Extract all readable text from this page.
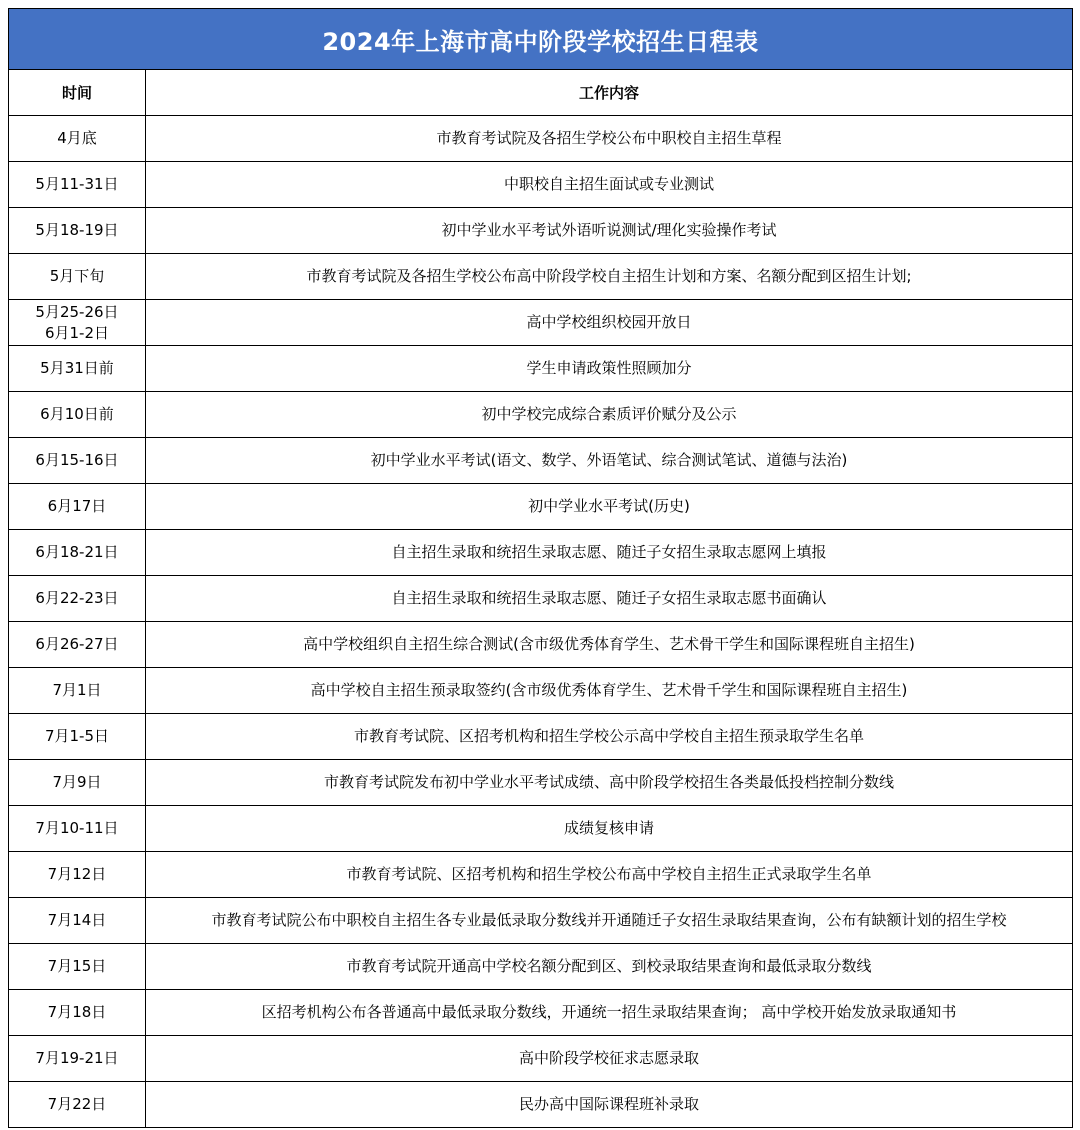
2024年上海市高中阶段学校招生日程表	
时间	工作内容

4月底	市教育考试院及各招生学校公布中职校自主招生草程

5月11-31日	中职校自主招生面试或专业测试

5月18-19日	初中学业水平考试外语听说测试/理化实验操作考试

5月下旬	市教育考试院及各招生学校公布高中阶段学校自主招生计划和方案、名额分配到区招生计划;

5月25-26日
6月1-2日	高中学校组织校园开放日

5月31日前	学生申请政策性照顾加分

6月10日前	初中学校完成综合素质评价赋分及公示

6月15-16日	初中学业水平考试(语文、数学、外语笔试、综合测试笔试、道德与法治)

6月17日	初中学业水平考试(历史)

6月18-21日	自主招生录取和统招生录取志愿、随迁子女招生录取志愿网上填报

6月22-23日	自主招生录取和统招生录取志愿、随迁子女招生录取志愿书面确认

6月26-27日	高中学校组织自主招生综合测试(含市级优秀体育学生、艺术骨干学生和国际课程班自主招生)

7月1日	高中学校自主招生预录取签约(含市级优秀体育学生、艺术骨千学生和国际课程班自主招生)

7月1-5日	市教育考试院、区招考机构和招生学校公示高中学校自主招生预录取学生名单

7月9日	市教育考试院发布初中学业水平考试成绩、高中阶段学校招生各类最低投档控制分数线

7月10-11日	成绩复核申请

7月12日	市教育考试院、区招考机构和招生学校公布高中学校自主招生正式录取学生名单

7月14日	市教育考试院公布中职校自主招生各专业最低录取分数线并开通随迁子女招生录取结果查询，公布有缺额计划的招生学校

7月15日	市教育考试院开通高中学校名额分配到区、到校录取结果查询和最低录取分数线

7月18日	区招考机构公布各普通高中最低录取分数线，开通统一招生录取结果查询； 高中学校开始发放录取通知书

7月19-21日	高中阶段学校征求志愿录取

7月22日	民办高中国际课程班补录取
